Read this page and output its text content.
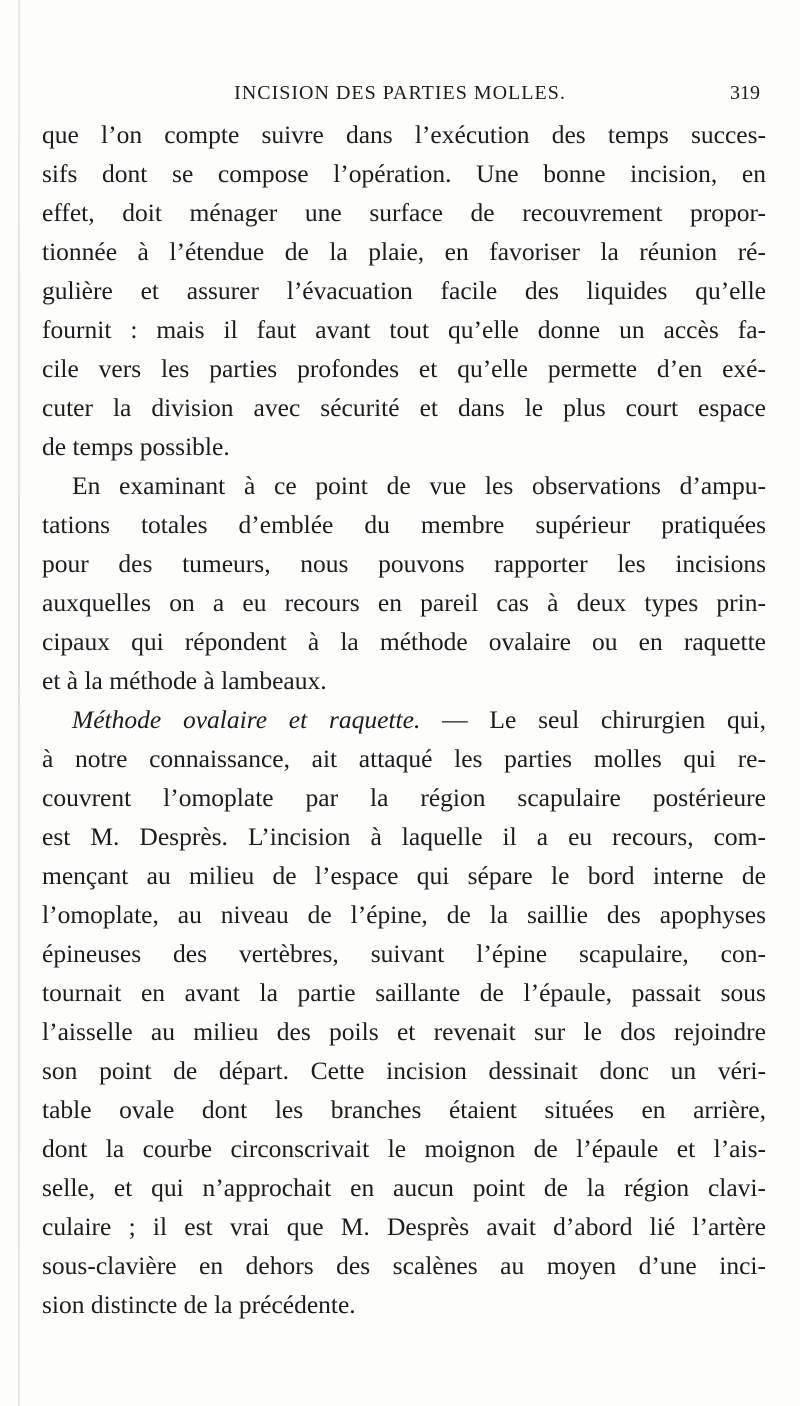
INCISION DES PARTIES MOLLES.	319
que l’on compte suivre dans l’exécution des temps succes-
sifs dont se compose l’opération. Une bonne incision, en
effet, doit ménager une surface de recouvrement propor-
tionnée à l’étendue de la plaie, en favoriser la réunion ré-
gulière et assurer l’évacuation facile des liquides qu’elle
fournit : mais il faut avant tout qu’elle donne un accès fa-
cile vers les parties profondes et qu’elle permette d’en exé-
cuter la division avec sécurité et dans le plus court espace
de temps possible.
En examinant à ce point de vue les observations d’ampu-
tations totales d’emblée du membre supérieur pratiquées
pour des tumeurs, nous pouvons rapporter les incisions
auxquelles on a eu recours en pareil cas à deux types prin-
cipaux qui répondent à la méthode ovalaire ou en raquette
et à la méthode à lambeaux.
Méthode ovalaire et raquette. — Le seul chirurgien qui,
à notre connaissance, ait attaqué les parties molles qui re-
couvrent l’omoplate par la région scapulaire postérieure
est M. Desprès. L’incision à laquelle il a eu recours, com-
mençant au milieu de l’espace qui sépare le bord interne de
l’omoplate, au niveau de l’épine, de la saillie des apophyses
épineuses des vertèbres, suivant l’épine scapulaire, con-
tournait en avant la partie saillante de l’épaule, passait sous
l’aisselle au milieu des poils et revenait sur le dos rejoindre
son point de départ. Cette incision dessinait donc un véri-
table ovale dont les branches étaient situées en arrière,
dont la courbe circonscrivait le moignon de l’épaule et l’ais-
selle, et qui n’approchait en aucun point de la région clavi-
culaire ; il est vrai que M. Desprès avait d’abord lié l’artère
sous-clavière en dehors des scalènes au moyen d’une inci-
sion distincte de la précédente.
